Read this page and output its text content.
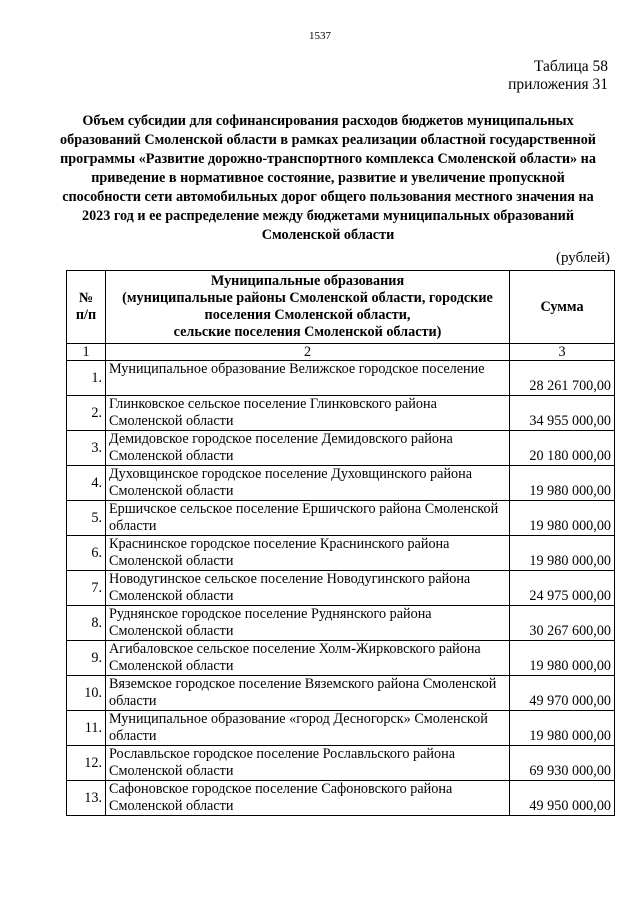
1537
Таблица 58
приложения 31
Объем субсидии для софинансирования расходов бюджетов муниципальных образований Смоленской области в рамках реализации областной государственной программы «Развитие дорожно-транспортного комплекса Смоленской области» на приведение в нормативное состояние, развитие и увеличение пропускной способности сети автомобильных дорог общего пользования местного значения на 2023 год и ее распределение между бюджетами муниципальных образований Смоленской области
(рублей)
№
п/п	Муниципальные образования
(муниципальные районы Смоленской области, городские
поселения Смоленской области,
сельские поселения Смоленской области)	Сумма
1	2	3
1.	Муниципальное образование Велижское городское поселение	28 261 700,00
2.	Глинковское сельское поселение Глинковского района Смоленской области	34 955 000,00
3.	Демидовское городское поселение Демидовского района Смоленской области	20 180 000,00
4.	Духовщинское городское поселение Духовщинского района Смоленской области	19 980 000,00
5.	Ершичское сельское поселение Ершичского района Смоленской области	19 980 000,00
6.	Краснинское городское поселение Краснинского района Смоленской области	19 980 000,00
7.	Новодугинское сельское поселение Новодугинского района Смоленской области	24 975 000,00
8.	Руднянское городское поселение Руднянского района Смоленской области	30 267 600,00
9.	Агибаловское сельское поселение Холм-Жирковского района Смоленской области	19 980 000,00
10.	Вяземское городское поселение Вяземского района Смоленской области	49 970 000,00
11.	Муниципальное образование «город Десногорск» Смоленской области	19 980 000,00
12.	Рославльское городское поселение Рославльского района Смоленской области	69 930 000,00
13.	Сафоновское городское поселение Сафоновского района Смоленской области	49 950 000,00
